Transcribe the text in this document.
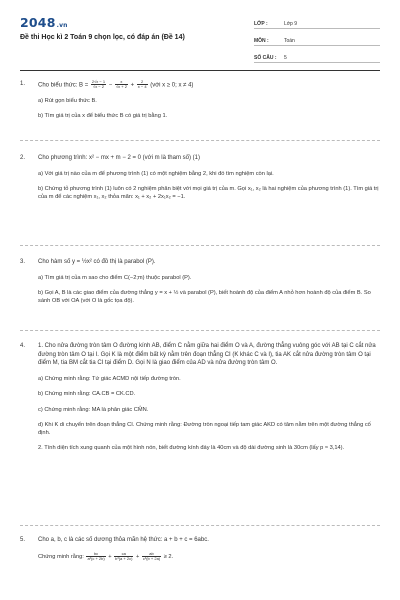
2048.vn
Đề thi Học kì 2 Toán 9 chọn lọc, có đáp án (Đề 14)
LỚP :	Lớp 9
MÔN :	Toán
SỐ CÂU :	5
1.	Cho biểu thức: $B = \frac{2√x - 1}{√x - 2} - \frac{x}{√x + 2} + \frac{2}{x - 4}$ (với x ≥ 0; x ≠ 4)
a) Rút gọn biểu thức B.
b) Tìm giá trị của x để biểu thức B có giá trị bằng 1.
2.	Cho phương trình: x² − mx + m − 2 = 0 (với m là tham số) (1)
a) Với giá trị nào của m để phương trình (1) có một nghiệm bằng 2, khi đó tìm nghiệm còn lại.
b) Chứng tỏ phương trình (1) luôn có 2 nghiệm phân biệt với mọi giá trị của m. Gọi x₁, x₂ là hai nghiệm của phương trình (1). Tìm giá trị của m để các nghiệm x₁, x₂ thỏa mãn: x₁ + x₂ + 2x₁x₂ = −1.
3.	Cho hàm số y = ½x² có đồ thị là parabol (P).
a) Tìm giá trị của m sao cho điểm C(−2;m) thuộc parabol (P).
b) Gọi A, B là các giao điểm của đường thẳng y = x + ½ và parabol (P), biết hoành độ của điểm A nhỏ hơn hoành độ của điểm B. So sánh OB với OA (với O là gốc tọa độ).
4.	1. Cho nửa đường tròn tâm O đường kính AB, điểm C nằm giữa hai điểm O và A, đường thẳng vuông góc với AB tại C cắt nửa đường tròn tâm O tại I. Gọi K là một điểm bất kỳ nằm trên đoạn thẳng CI (K khác C và I), tia AK cắt nửa đường tròn tâm O tại điểm M, tia BM cắt tia CI tại điểm D. Gọi N là giao điểm của AD và nửa đường tròn tâm O.
a) Chứng minh rằng: Tứ giác ACMD nội tiếp đường tròn.
b) Chứng minh rằng: CA.CB = CK.CD.
c) Chứng minh rằng: MA là phân giác CM̂N.
d) Khi K di chuyển trên đoạn thẳng CI. Chứng minh rằng: Đường tròn ngoại tiếp tam giác AKD có tâm nằm trên một đường thẳng cố định.
2. Tính diện tích xung quanh của một hình nón, biết đường kính đáy là 40cm và độ dài đường sinh là 30cm (lấy p ≈ 3,14).
5.	Cho a, b, c là các số dương thỏa mãn hệ thức: a + b + c = 6abc.
Chứng minh rằng: $\frac{bc}{\text{a³(c + 2b)}} + \frac{ca}{\text{b³(a + 2c)}} + \frac{ab}{\text{c³(b + 2a)}} \ge 2$.
